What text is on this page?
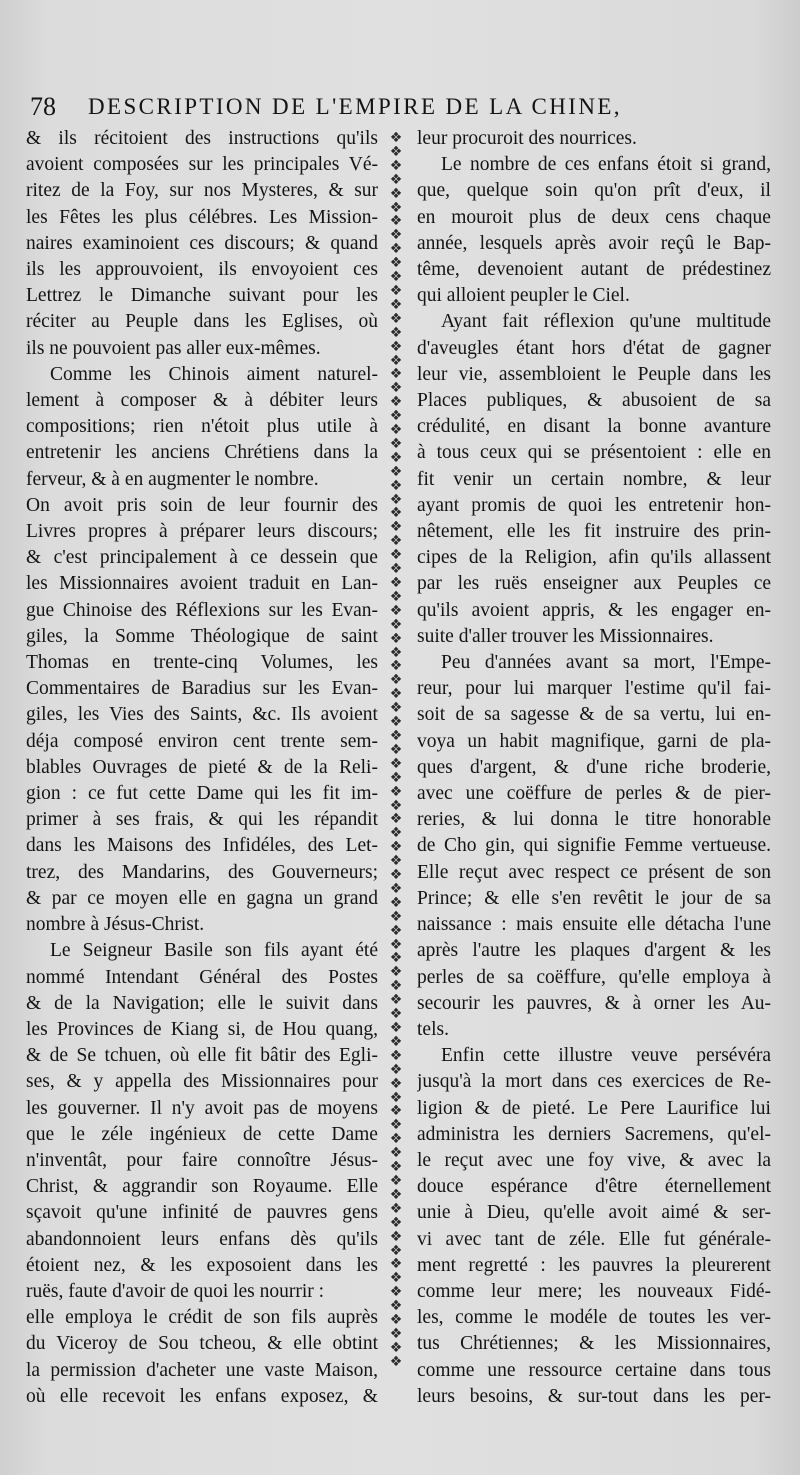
78 DESCRIPTION DE L'EMPIRE DE LA CHINE,
& ils récitoient des instructions qu'ils
avoient composées sur les principales Vé-
ritez de la Foy, sur nos Mysteres, & sur
les Fêtes les plus célébres. Les Mission-
naires examinoient ces discours; & quand
ils les approuvoient, ils envoyoient ces
Lettrez le Dimanche suivant pour les
réciter au Peuple dans les Eglises, où
ils ne pouvoient pas aller eux-mêmes.
Comme les Chinois aiment naturel-
lement à composer & à débiter leurs
compositions; rien n'étoit plus utile à
entretenir les anciens Chrétiens dans la
ferveur, & à en augmenter le nombre.
On avoit pris soin de leur fournir des
Livres propres à préparer leurs discours;
& c'est principalement à ce dessein que
les Missionnaires avoient traduit en Lan-
gue Chinoise des Réflexions sur les Evan-
giles, la Somme Théologique de saint
Thomas en trente-cinq Volumes, les
Commentaires de Baradius sur les Evan-
giles, les Vies des Saints, &c. Ils avoient
déja composé environ cent trente sem-
blables Ouvrages de pieté & de la Reli-
gion : ce fut cette Dame qui les fit im-
primer à ses frais, & qui les répandit
dans les Maisons des Infidéles, des Let-
trez, des Mandarins, des Gouverneurs;
& par ce moyen elle en gagna un grand
nombre à Jésus-Christ.
Le Seigneur Basile son fils ayant été
nommé Intendant Général des Postes
& de la Navigation; elle le suivit dans
les Provinces de Kiang si, de Hou quang,
& de Se tchuen, où elle fit bâtir des Egli-
ses, & y appella des Missionnaires pour
les gouverner. Il n'y avoit pas de moyens
que le zéle ingénieux de cette Dame
n'inventât, pour faire connoître Jésus-
Christ, & aggrandir son Royaume. Elle
sçavoit qu'une infinité de pauvres gens
abandonnoient leurs enfans dès qu'ils
étoient nez, & les exposoient dans les
ruës, faute d'avoir de quoi les nourrir :
elle employa le crédit de son fils auprès
du Viceroy de Sou tcheou, & elle obtint
la permission d'acheter une vaste Maison,
où elle recevoit les enfans exposez, &
❖
❖
❖
❖
❖
❖
❖
❖
❖
❖
❖
❖
❖
❖
❖
❖
❖
❖
❖
❖
❖
❖
❖
❖
❖
❖
❖
❖
❖
❖
❖
❖
❖
❖
❖
❖
❖
❖
❖
❖
❖
❖
❖
❖
❖
❖
❖
❖
❖
❖
❖
❖
❖
❖
❖
❖
❖
❖
❖
❖
❖
❖
❖
❖
❖
❖
❖
❖
❖
❖
❖
❖
❖
❖
❖
❖
❖
❖
❖
❖
❖
❖
❖
❖
❖
❖
❖
❖
❖
leur procuroit des nourrices.
Le nombre de ces enfans étoit si grand,
que, quelque soin qu'on prît d'eux, il
en mouroit plus de deux cens chaque
année, lesquels après avoir reçû le Bap-
tême, devenoient autant de prédestinez
qui alloient peupler le Ciel.
Ayant fait réflexion qu'une multitude
d'aveugles étant hors d'état de gagner
leur vie, assembloient le Peuple dans les
Places publiques, & abusoient de sa
crédulité, en disant la bonne avanture
à tous ceux qui se présentoient : elle en
fit venir un certain nombre, & leur
ayant promis de quoi les entretenir hon-
nêtement, elle les fit instruire des prin-
cipes de la Religion, afin qu'ils allassent
par les ruës enseigner aux Peuples ce
qu'ils avoient appris, & les engager en-
suite d'aller trouver les Missionnaires.
Peu d'années avant sa mort, l'Empe-
reur, pour lui marquer l'estime qu'il fai-
soit de sa sagesse & de sa vertu, lui en-
voya un habit magnifique, garni de pla-
ques d'argent, & d'une riche broderie,
avec une coëffure de perles & de pier-
reries, & lui donna le titre honorable
de Cho gin, qui signifie Femme vertueuse.
Elle reçut avec respect ce présent de son
Prince; & elle s'en revêtit le jour de sa
naissance : mais ensuite elle détacha l'une
après l'autre les plaques d'argent & les
perles de sa coëffure, qu'elle employa à
secourir les pauvres, & à orner les Au-
tels.
Enfin cette illustre veuve persévéra
jusqu'à la mort dans ces exercices de Re-
ligion & de pieté. Le Pere Laurifice lui
administra les derniers Sacremens, qu'el-
le reçut avec une foy vive, & avec la
douce espérance d'être éternellement
unie à Dieu, qu'elle avoit aimé & ser-
vi avec tant de zéle. Elle fut générale-
ment regretté : les pauvres la pleurerent
comme leur mere; les nouveaux Fidé-
les, comme le modéle de toutes les ver-
tus Chrétiennes; & les Missionnaires,
comme une ressource certaine dans tous
leurs besoins, & sur-tout dans les per-
